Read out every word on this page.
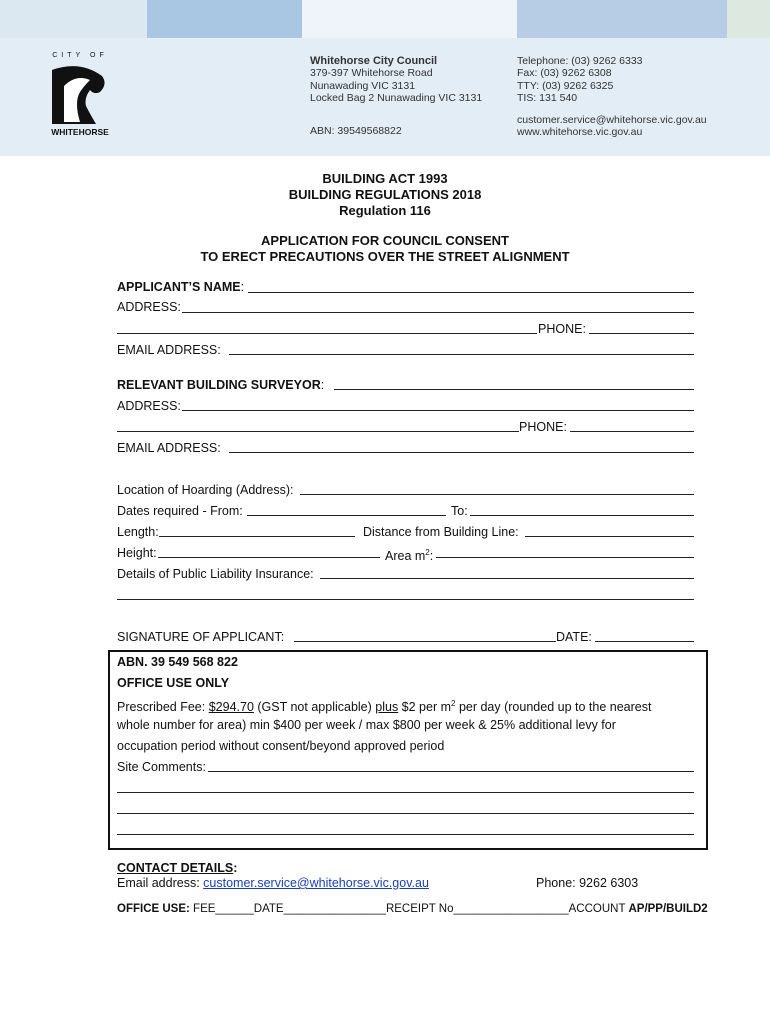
CITY OF
WHITEHORSE
Whitehorse City Council
379-397 Whitehorse Road
Nunawading VIC 3131
Locked Bag 2 Nunawading VIC 3131
ABN: 39549568822
Telephone: (03) 9262 6333
Fax: (03) 9262 6308
TTY: (03) 9262 6325
TIS: 131 540
customer.service@whitehorse.vic.gov.au
www.whitehorse.vic.gov.au
BUILDING ACT 1993
BUILDING REGULATIONS 2018
Regulation 116
APPLICATION FOR COUNCIL CONSENT
TO ERECT PRECAUTIONS OVER THE STREET ALIGNMENT
APPLICANT’S NAME:
ADDRESS:
PHONE:
EMAIL ADDRESS:
RELEVANT BUILDING SURVEYOR:
ADDRESS:
PHONE:
EMAIL ADDRESS:
Location of Hoarding (Address):
Dates required - From:	To:
Length:	Distance from Building Line:
Height:	Area $m^2$:
Details of Public Liability Insurance:
SIGNATURE OF APPLICANT:	DATE:
ABN. 39 549 568 822
OFFICE USE ONLY
Prescribed Fee: $294.70 (GST not applicable) plus $2 per $m^2$ per day (rounded up to the nearest
whole number for area) min $400 per week / max $800 per week & 25% additional levy for
occupation period without consent/beyond approved period
Site Comments:
CONTACT DETAILS:
Email address: customer.service@whitehorse.vic.gov.au	Phone: 9262 6303
OFFICE USE: FEE______DATE________________RECEIPT No__________________ACCOUNT AP/PP/BUILD2
